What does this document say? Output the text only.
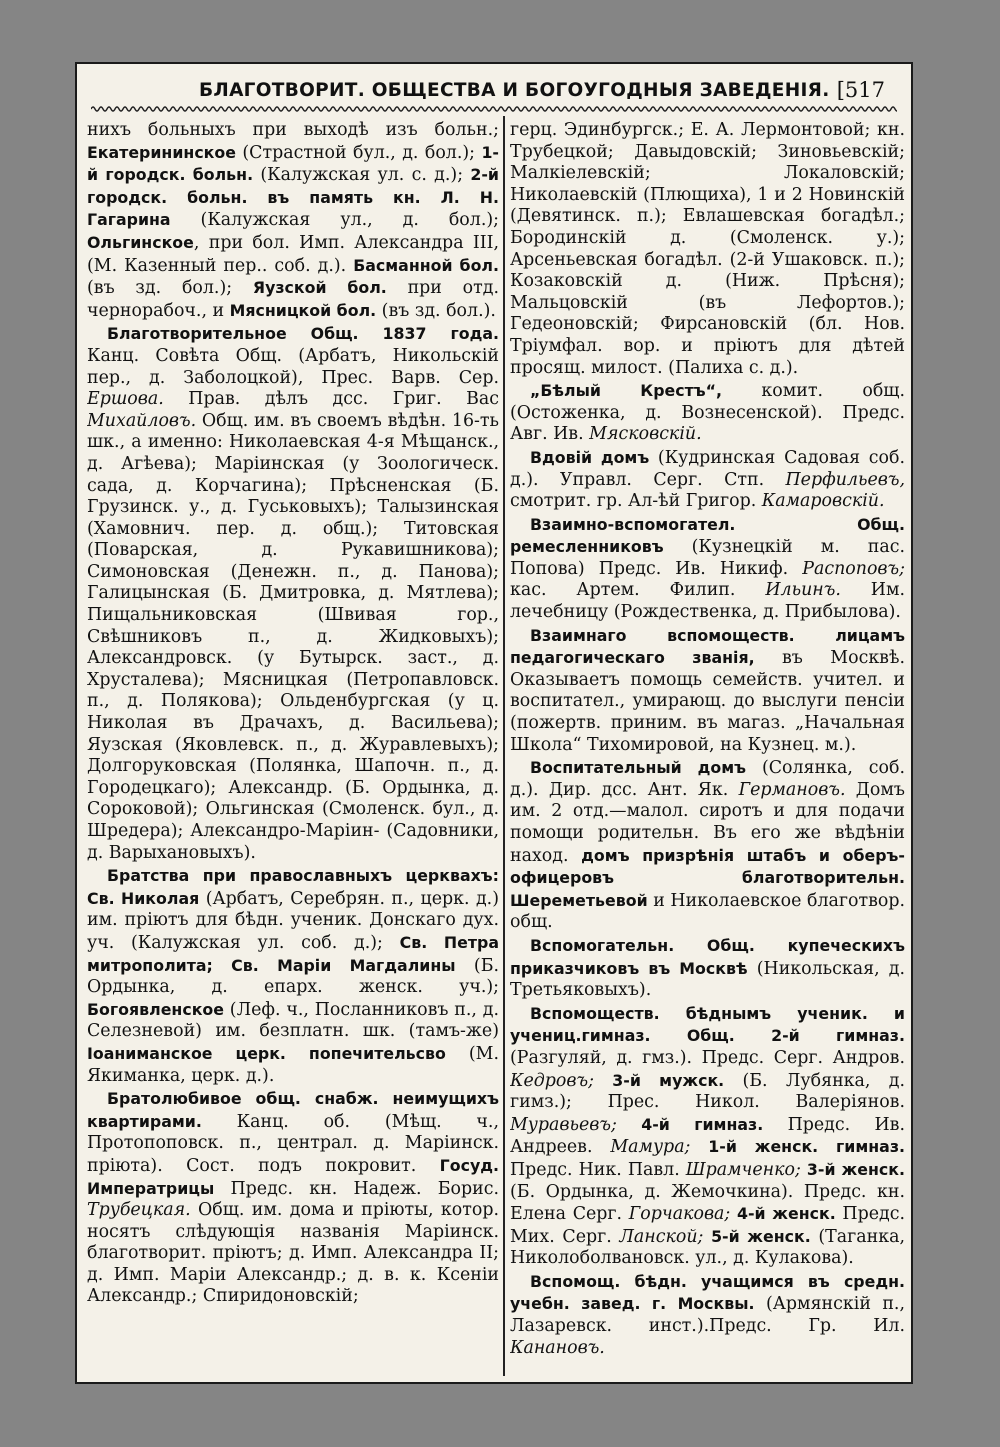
БЛАГОТВОРИТ. ОБЩЕСТВА И БОГОУГОДНЫЯ ЗАВЕДЕНІЯ. [517

нихъ больныхъ при выходѣ изъ больн.; Екатерининское (Страстной бул., д. бол.); 1-й городск. больн. (Калужская ул. с. д.); 2-й городск. больн. въ память кн. Л. Н. Гагарина (Калужская ул., д. бол.); Ольгинское, при бол. Имп. Александра III, (М. Казенный пер.. соб. д.). Басманной бол. (въ зд. бол.); Яузской бол. при отд. чернорабоч., и Мясницкой бол. (въ зд. бол.).

Благотворительное Общ. 1837 года. Канц. Совѣта Общ. (Арбатъ, Никольскій пер., д. Заболоцкой), Прес. Варв. Сер. Ершова. Прав. дѣлъ дсс. Григ. Вас Михайловъ. Общ. им. въ своемъ вѣдѣн. 16-ть шк., а именно: Николаевская 4-я Мѣщанск., д. Агѣева); Маріинская (у Зоологическ. сада, д. Корчагина); Прѣсненская (Б. Грузинск. у., д. Гуськовыхъ); Талызинская (Хамовнич. пер. д. общ.); Титовская (Поварская, д. Рукавишникова); Симоновская (Денежн. п., д. Панова); Галицынская (Б. Дмитровка, д. Мятлева); Пищальниковская (Швивая гор., Свѣшниковъ п., д. Жидковыхъ); Александровск. (у Бутырск. заст., д. Хрусталева); Мясницкая (Петропавловск. п., д. Полякова); Ольденбургская (у ц. Николая въ Драчахъ, д. Васильева); Яузская (Яковлевск. п., д. Журавлевыхъ); Долгоруковская (Полянка, Шапочн. п., д. Городецкаго); Александр. (Б. Ордынка, д. Сороковой); Ольгинская (Смоленск. бул., д. Шредера); Александро-Маріин- (Садовники, д. Варыхановыхъ).

Братства при православныхъ церквахъ: Св. Николая (Арбатъ, Серебрян. п., церк. д.) им. пріютъ для бѣдн. ученик. Донскаго дух. уч. (Калужская ул. соб. д.); Св. Петра митрополита; Св. Маріи Магдалины (Б. Ордынка, д. епарх. женск. уч.); Богоявленское (Леф. ч., Посланниковъ п., д. Селезневой) им. безплатн. шк. (тамъ-же) Іоаниманское церк. попечительсво (М. Якиманка, церк. д.).

Братолюбивое общ. снабж. неимущихъ квартирами. Канц. об. (Мѣщ. ч., Протопоповск. п., централ. д. Маріинск. пріюта). Сост. подъ покровит. Госуд. Императрицы Предс. кн. Надеж. Борис. Трубецкая. Общ. им. дома и пріюты, котор. носятъ слѣдующія названія Маріинск. благотворит. пріютъ; д. Имп. Александра II; д. Имп. Маріи Александр.; д. в. к. Ксеніи Александр.; Спиридоновскій;

герц. Эдинбургск.; Е. А. Лермонтовой; кн. Трубецкой; Давыдовскій; Зиновьевскій; Малкіелевскій; Локаловскій; Николаевскій (Плющиха), 1 и 2 Новинскій (Девятинск. п.); Евлашевская богадѣл.; Бородинскій д. (Смоленск. у.); Арсеньевская богадѣл. (2-й Ушаковск. п.); Козаковскій д. (Ниж. Прѣсня); Мальцовскій (въ Лефортов.); Гедеоновскій; Фирсановскій (бл. Нов. Тріумфал. вор. и пріютъ для дѣтей просящ. милост. (Палиха с. д.).

„Бѣлый Крестъ“, комит. общ. (Остоженка, д. Вознесенской). Предс. Авг. Ив. Мясковскій.

Вдовій домъ (Кудринская Садовая соб. д.). Управл. Серг. Стп. Перфильевъ, смотрит. гр. Ал-ѣй Григор. Камаровскій.

Взаимно-вспомогател. Общ. ремесленниковъ (Кузнецкій м. пас. Попова) Предс. Ив. Никиф. Распоповъ; кас. Артем. Филип. Ильинъ. Им. лечебницу (Рождественка, д. Прибылова).

Взаимнаго вспомоществ. лицамъ педагогическаго званія, въ Москвѣ. Оказываетъ помощь семейств. учител. и воспитател., умирающ. до выслуги пенсіи (пожертв. приним. въ магаз. „Начальная Школа“ Тихомировой, на Кузнец. м.).

Воспитательный домъ (Солянка, соб. д.). Дир. дсс. Ант. Як. Германовъ. Домъ им. 2 отд.—малол. сиротъ и для подачи помощи родительн. Въ его же вѣдѣніи наход. домъ призрѣнія штабъ и оберъ-офицеровъ благотворительн. Шереметьевой и Николаевское благотвор. общ.

Вспомогательн. Общ. купеческихъ приказчиковъ въ Москвѣ (Никольская, д. Третьяковыхъ).

Вспомоществ. бѣднымъ ученик. и учениц.гимназ. Общ. 2-й гимназ. (Разгуляй, д. гмз.). Предс. Серг. Андров. Кедровъ; 3-й мужск. (Б. Лубянка, д. гимз.); Прес. Никол. Валеріянов. Муравьевъ; 4-й гимназ. Предс. Ив. Андреев. Мамура; 1-й женск. гимназ. Предс. Ник. Павл. Шрамченко; 3-й женск. (Б. Ордынка, д. Жемочкина). Предс. кн. Елена Серг. Горчакова; 4-й женск. Предс. Мих. Серг. Ланской; 5-й женск. (Таганка, Николоболвановск. ул., д. Кулакова).

Вспомощ. бѣдн. учащимся въ средн. учебн. завед. г. Москвы. (Армянскій п., Лазаревск. инст.).Предс. Гр. Ил. Канановъ.
